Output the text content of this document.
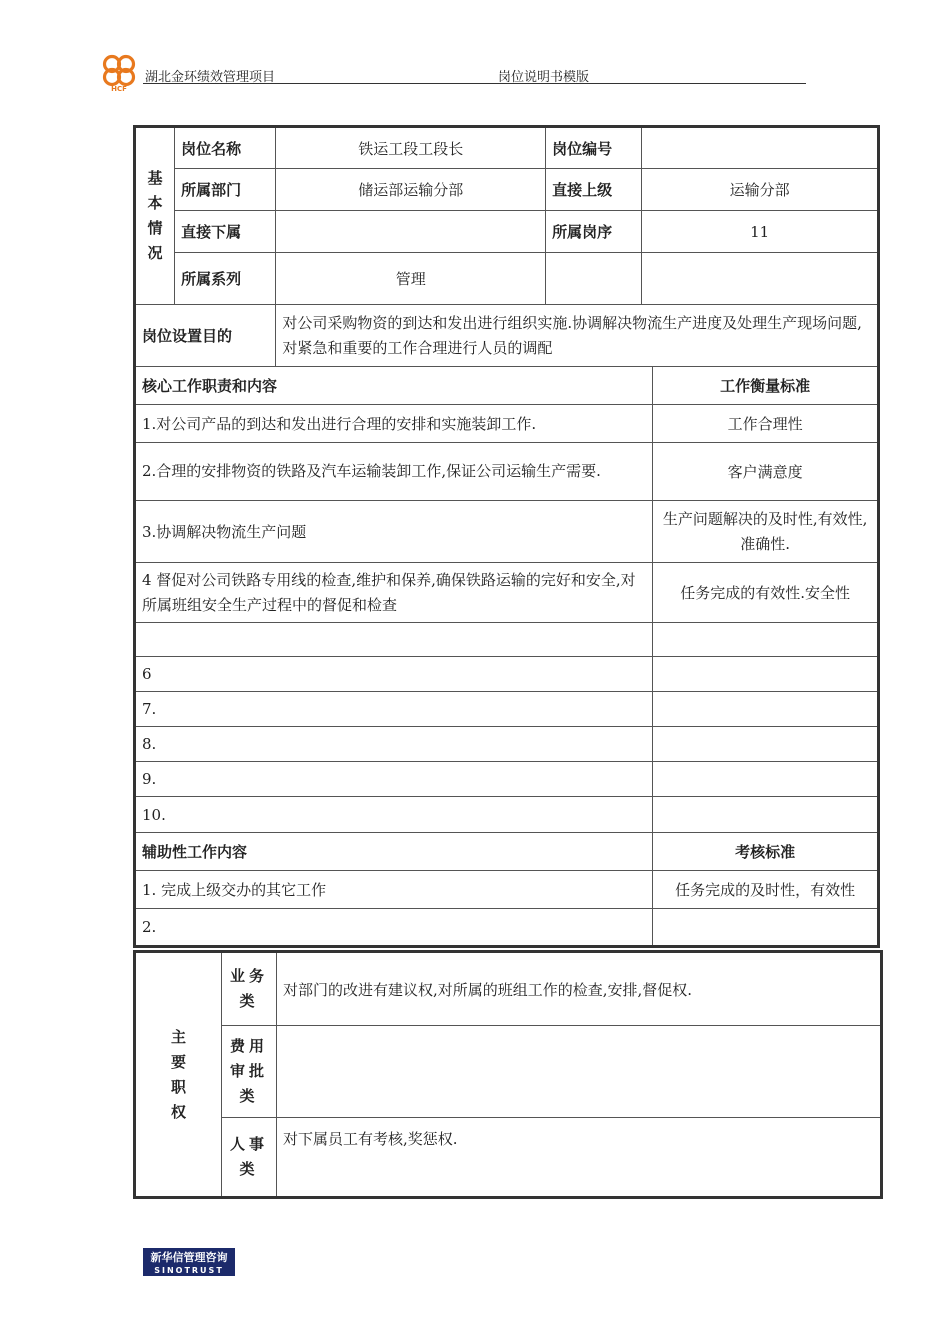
HCF
湖北金环绩效管理项目	岗位说明书模版
基本情况	岗位名称	铁运工段工段长	岗位编号		
	所属部门	储运部运输分部	直接上级	运输分部	
	直接下属		所属岗序	11	
	所属系列	管理			
岗位设置目的		对公司采购物资的到达和发出进行组织实施.协调解决物流生产进度及处理生产现场问题,对紧急和重要的工作合理进行人员的调配			
核心工作职责和内容					工作衡量标准
1.对公司产品的到达和发出进行合理的安排和实施装卸工作.					工作合理性
2.合理的安排物资的铁路及汽车运输装卸工作,保证公司运输生产需要.					客户满意度
3.协调解决物流生产问题					生产问题解决的及时性,有效性,准确性.
4 督促对公司铁路专用线的检查,维护和保养,确保铁路运输的完好和安全,对所属班组安全生产过程中的督促和检查					任务完成的有效性.安全性

6					
7.					
8.					
9.					
10.					
辅助性工作内容					考核标准
1. 完成上级交办的其它工作					任务完成的及时性，有效性
2.					
主要职权	业务类	对部门的改进有建议权,对所属的班组工作的检查,安排,督促权.

	费用审批类	

	人事类	对下属员工有考核,奖惩权.
新华信管理咨询
SINOTRUST
